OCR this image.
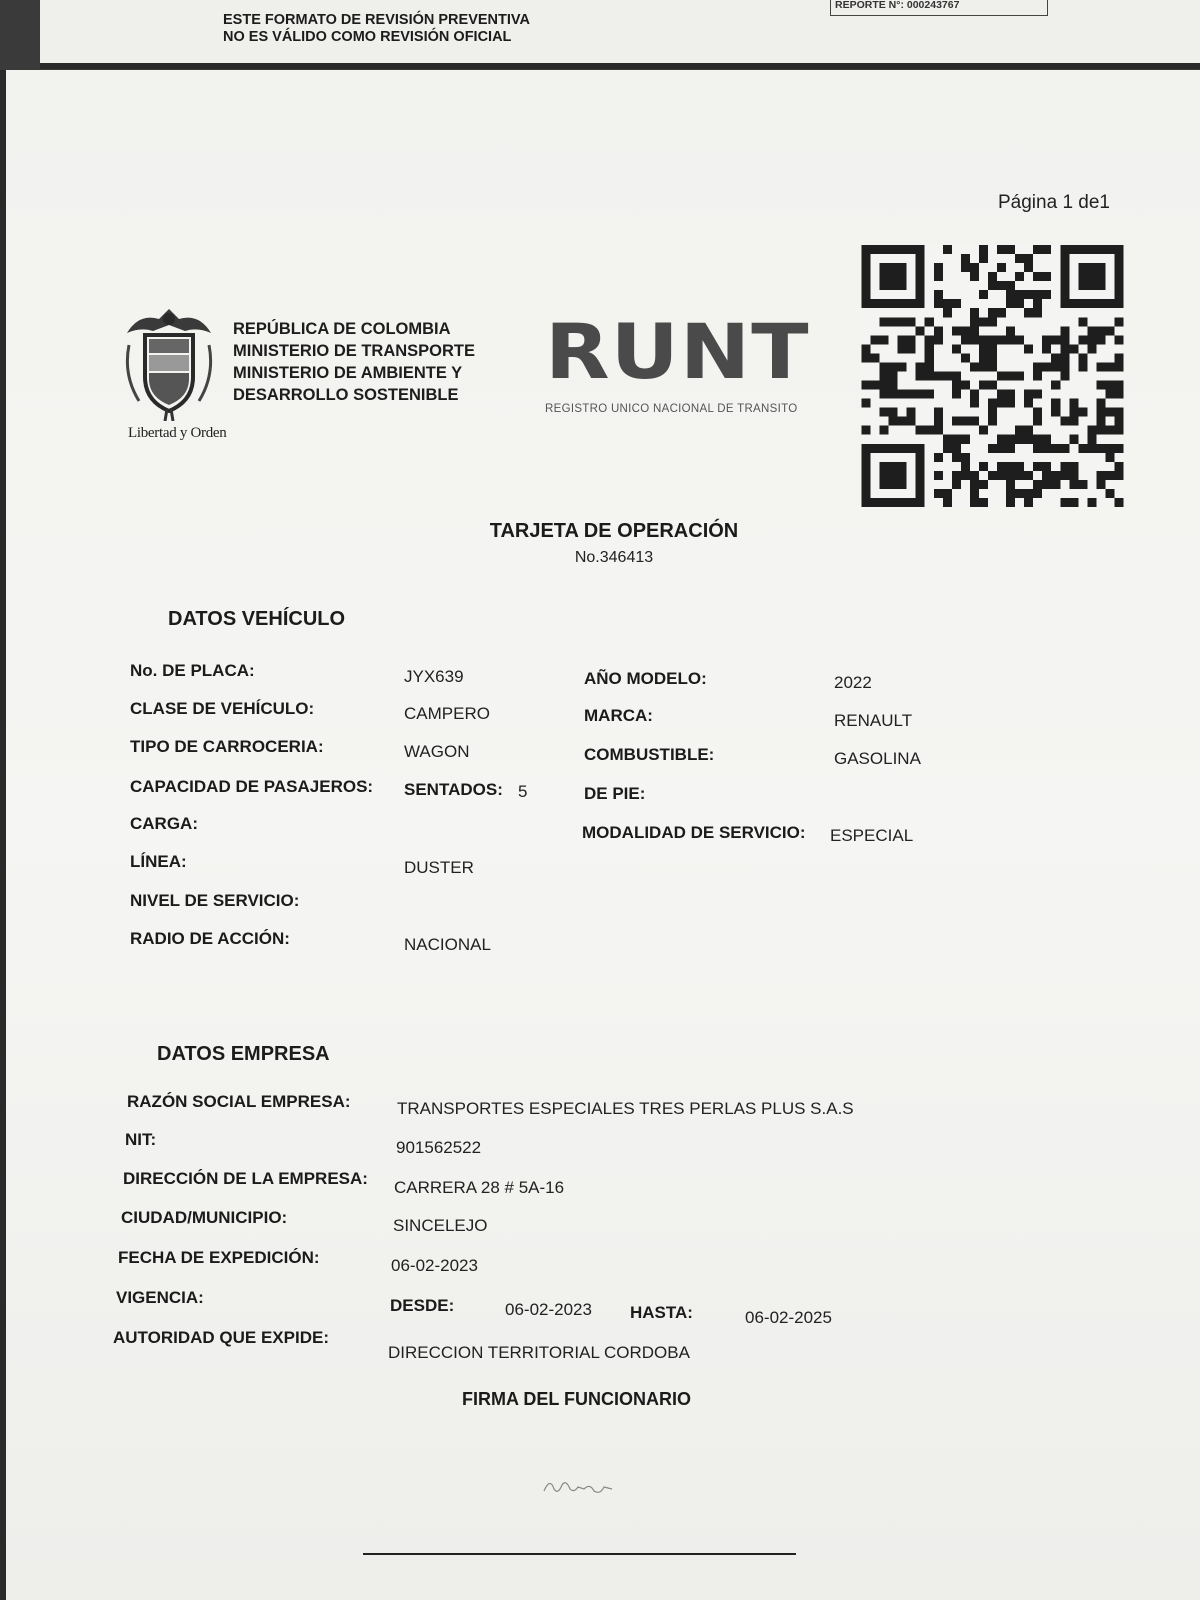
ESTE FORMATO DE REVISIÓN PREVENTIVA
NO ES VÁLIDO COMO REVISIÓN OFICIAL
REPORTE N°: 000243767
Página 1 de1
Libertad y Orden
REPÚBLICA DE COLOMBIA
MINISTERIO DE TRANSPORTE
MINISTERIO DE AMBIENTE Y
DESARROLLO SOSTENIBLE RUNT
REGISTRO UNICO NACIONAL DE TRANSITO
TARJETA DE OPERACIÓN
No.346413
DATOS VEHÍCULO
No. DE PLACA:	JYX639	AÑO MODELO:	2022
CLASE DE VEHÍCULO:	CAMPERO	MARCA:	RENAULT
TIPO DE CARROCERIA:	WAGON	COMBUSTIBLE:	GASOLINA
CAPACIDAD DE PASAJEROS: SENTADOS: 5	DE PIE:
CARGA:	MODALIDAD DE SERVICIO: ESPECIAL
LÍNEA:	DUSTER
NIVEL DE SERVICIO:
RADIO DE ACCIÓN:	NACIONAL
DATOS EMPRESA
RAZÓN SOCIAL EMPRESA:	TRANSPORTES ESPECIALES TRES PERLAS PLUS S.A.S
NIT:	901562522
DIRECCIÓN DE LA EMPRESA: CARRERA 28 # 5A-16
CIUDAD/MUNICIPIO:	SINCELEJO
FECHA DE EXPEDICIÓN:	06-02-2023
VIGENCIA:	DESDE:	06-02-2023 HASTA:	06-02-2025
AUTORIDAD QUE EXPIDE:
DIRECCION TERRITORIAL CORDOBA
FIRMA DEL FUNCIONARIO
